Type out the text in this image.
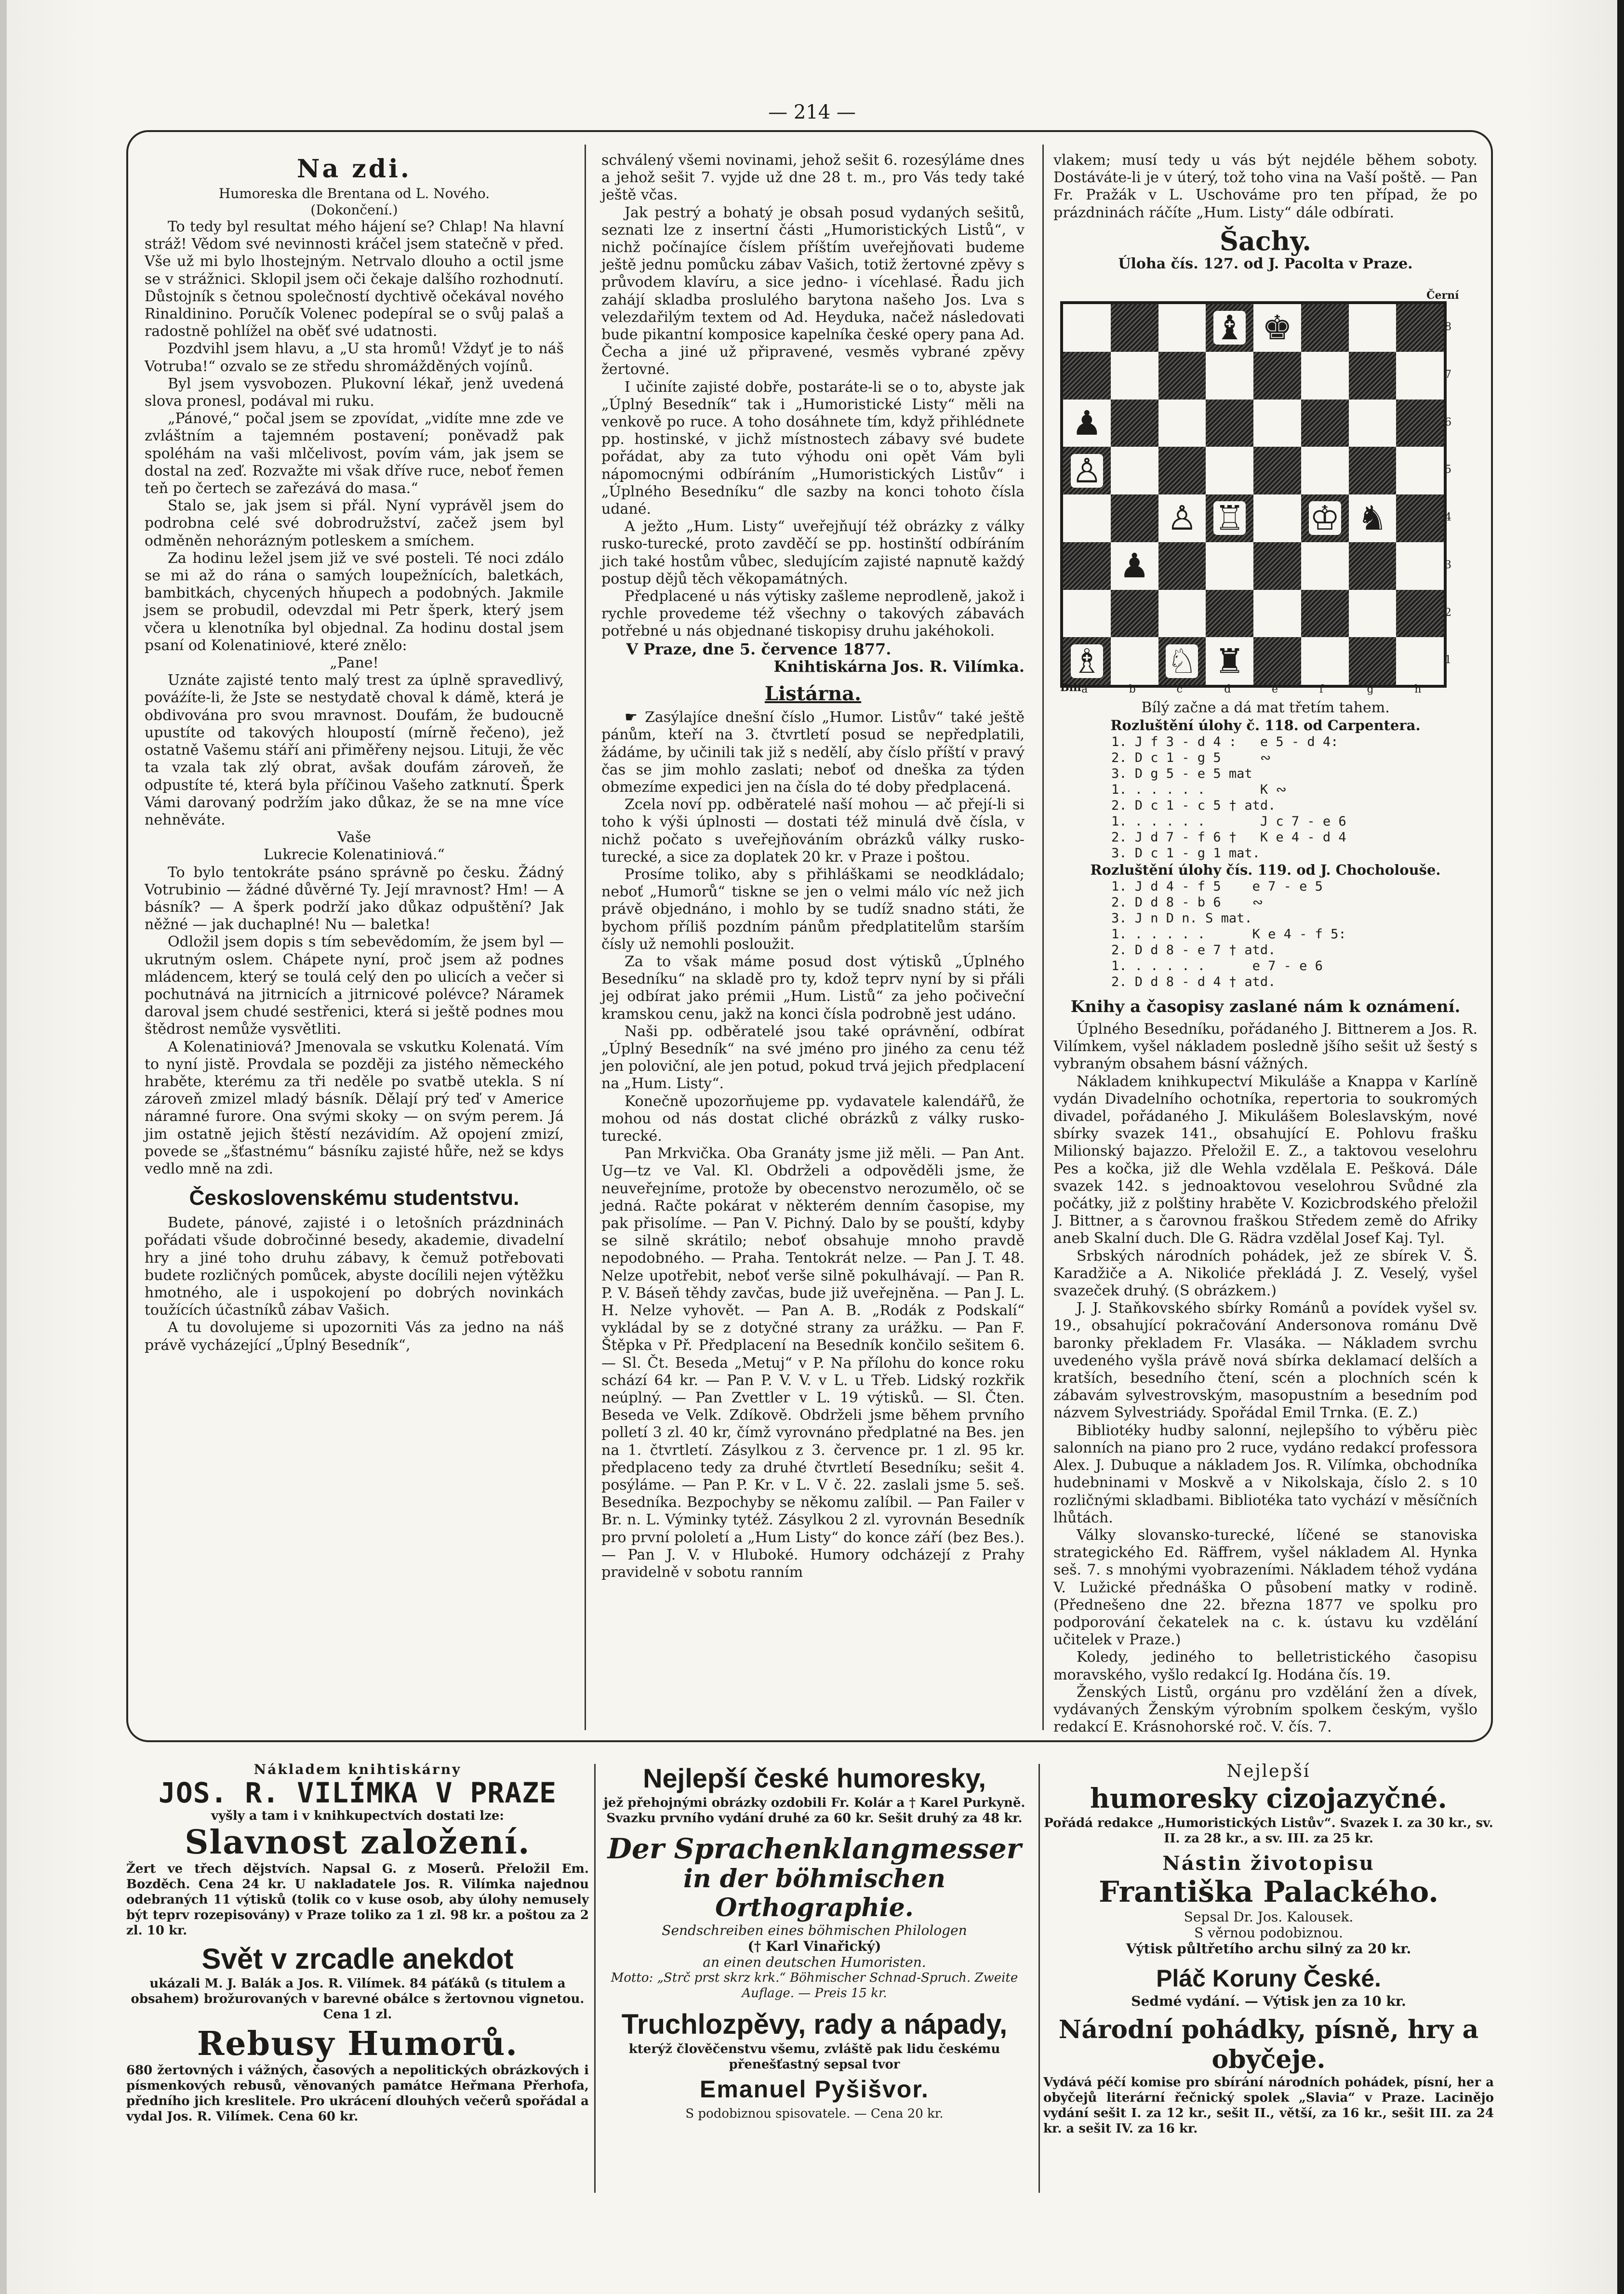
— 214 —
Na zdi.
Humoreska dle Brentana od L. Nového.
(Dokončení.)

To tedy byl resultat mého hájení se? Chlap! Na hlavní stráž! Vědom své nevinnosti kráčel jsem statečně v před. Vše už mi bylo lhostejným. Netrvalo dlouho a octil jsme se v strážnici. Sklopil jsem oči čekaje dalšího rozhodnutí. Důstojník s četnou společností dychtivě očekával nového Rinaldinino. Poručík Volenec podepíral se o svůj palaš a radostně pohlížel na oběť své udatnosti.

Pozdvihl jsem hlavu, a „U sta hromů! Vždyť je to náš Votruba!“ ozvalo se ze středu shromážděných vojínů.

Byl jsem vysvobozen. Plukovní lékař, jenž uvedená slova pronesl, podával mi ruku.

„Pánové,“ počal jsem se zpovídat, „vidíte mne zde ve zvláštním a tajemném postavení; poněvadž pak spoléhám na vaši mlčelivost, povím vám, jak jsem se dostal na zeď. Rozvažte mi však dříve ruce, neboť řemen teň po čertech se zařezává do masa.“

Stalo se, jak jsem si přál. Nyní vyprávěl jsem do podrobna celé své dobrodružství, začež jsem byl odměněn nehorázným potleskem a smíchem.

Za hodinu ležel jsem již ve své posteli. Té noci zdálo se mi až do rána o samých loupežnících, baletkách, bambitkách, chycených hňupech a podobných. Jakmile jsem se probudil, odevzdal mi Petr šperk, který jsem včera u klenotníka byl objednal. Za hodinu dostal jsem psaní od Kolenatiniové, které znělo:

„Pane!

Uznáte zajisté tento malý trest za úplně spravedlivý, pováźíte-li, že Jste se nestydatě choval k dámě, která je obdivována pro svou mravnost. Doufám, že budoucně upustíte od takových hloupostí (mírně řečeno), jež ostatně Vašemu stáří ani přiměřeny nejsou. Lituji, že věc ta vzala tak zlý obrat, avšak doufám zároveň, že odpustíte té, která byla příčinou Vašeho zatknutí. Šperk Vámi darovaný podržím jako důkaz, že se na mne více nehněváte.

Vaše

Lukrecie Kolenatiniová.“

To bylo tentokráte psáno správně po česku. Žádný Votrubinio — žádné důvěrné Ty. Její mravnost? Hm! — A básník? — A šperk podrží jako důkaz odpuštění? Jak něžné — jak duchaplné! Nu — baletka!

Odložil jsem dopis s tím sebevědomím, že jsem byl — ukrutným oslem. Chápete nyní, proč jsem až podnes mládencem, který se toulá celý den po ulicích a večer si pochutnává na jitrnicích a jitrnicové polévce? Náramek daroval jsem chudé sestřenici, která si ještě podnes mou štědrost nemůže vysvětliti.

A Kolenatiniová? Jmenovala se vskutku Kolenatá. Vím to nyní jistě. Provdala se později za jistého německého hraběte, kterému za tři neděle po svatbě utekla. S ní zároveň zmizel mladý básník. Dělají prý teď v Americe náramné furore. Ona svými skoky — on svým perem. Já jim ostatně jejich štěstí nezávidím. Až opojení zmizí, povede se „šťastnému“ básníku zajisté hůře, než se kdys vedlo mně na zdi.

Československému studentstvu.

Budete, pánové, zajisté i o letošních prázdninách pořádati všude dobročinné besedy, akademie, divadelní hry a jiné toho druhu zábavy, k čemuž potřebovati budete rozličných pomůcek, abyste docílili nejen výtěžku hmotného, ale i uspokojení po dobrých novinkách toužících účastníků zábav Vašich.

A tu dovolujeme si upozorniti Vás za jedno na náš právě vycházející „Úplný Besedník“,

schválený všemi novinami, jehož sešit 6. rozesýláme dnes a jehož sešit 7. vyjde už dne 28 t. m., pro Vás tedy také ještě včas.

Jak pestrý a bohatý je obsah posud vydaných sešitů, seznati lze z insertní části „Humoristických Listů“, v nichž počínajíce číslem příštím uveřejňovati budeme ještě jednu pomůcku zábav Vašich, totiž žertovné zpěvy s průvodem klavíru, a sice jedno- i vícehlasé. Řadu jich zahájí skladba proslulého barytona našeho Jos. Lva s velezdařilým textem od Ad. Heyduka, načež následovati bude pikantní komposice kapelníka české opery pana Ad. Čecha a jiné už připravené, vesměs vybrané zpěvy žertovné.

I učiníte zajisté dobře, postaráte-li se o to, abyste jak „Úplný Besedník“ tak i „Humoristické Listy“ měli na venkově po ruce. A toho dosáhnete tím, když přihlédnete pp. hostinské, v jichž místnostech zábavy své budete pořádat, aby za tuto výhodu oni opět Vám byli nápomocnými odbíráním „Humoristických Listův“ i „Úplného Besedníku“ dle sazby na konci tohoto čísla udané.

A ježto „Hum. Listy“ uveřejňují též obrázky z války rusko-turecké, proto zavděčí se pp. hostinští odbíráním jich také hostům vůbec, sledujícím zajisté napnutě každý postup dějů těch věkopamátných.

Předplacené u nás výtisky zašleme neprodleně, jakož i rychle provedeme též všechny o takových zábavách potřebné u nás objednané tiskopisy druhu jakéhokoli.

V Praze, dne 5. července 1877.

Knihtiskárna Jos. R. Vilímka.

Listárna.

☛ Zasýlajíce dnešní číslo „Humor. Listův“ také ještě pánům, kteří na 3. čtvrtletí posud se nepředplatili, žádáme, by učinili tak již s nedělí, aby číslo příští v pravý čas se jim mohlo zaslati; neboť od dneška za týden obmezíme expedici jen na čísla do té doby předplacená.

Zcela noví pp. odběratelé naší mohou — ač přejí-li si toho k výši úplnosti — dostati též minulá dvě čísla, v nichž počato s uveřejňováním obrázků války rusko-turecké, a sice za doplatek 20 kr. v Praze i poštou.

Prosíme toliko, aby s přihláškami se neodkládalo; neboť „Humorů“ tiskne se jen o velmi málo víc než jich právě objednáno, i mohlo by se tudíž snadno státi, že bychom příliš pozdním pánům předplatitelům starším čísly už nemohli posloužit.

Za to však máme posud dost výtisků „Úplného Besedníku“ na skladě pro ty, kdož teprv nyní by si přáli jej odbírat jako prémii „Hum. Listů“ za jeho počiveční kramskou cenu, jakž na konci čísla podrobně jest udáno.

Naši pp. odběratelé jsou také oprávnění, odbírat „Úplný Besedník“ na své jméno pro jiného za cenu též jen poloviční, ale jen potud, pokud trvá jejich předplacení na „Hum. Listy“.

Konečně upozorňujeme pp. vydavatele kalendářů, že mohou od nás dostat cliché obrázků z války rusko-turecké.

Pan Mrkvička. Oba Granáty jsme již měli. — Pan Ant. Ug—tz ve Val. Kl. Obdrželi a odpověděli jsme, že neuveřejníme, protože by obecenstvo nerozumělo, oč se jedná. Račte pokárat v některém denním časopise, my pak přisolíme. — Pan V. Pichný. Dalo by se pouští, kdyby se silně skrátilo; neboť obsahuje mnoho pravdě nepodobného. — Praha. Tentokrát nelze. — Pan J. T. 48. Nelze upotřebit, neboť verše silně pokulhávají. — Pan R. P. V. Báseň těhdy zavčas, bude již uveřejněna. — Pan J. L. H. Nelze vyhovět. — Pan A. B. „Rodák z Podskalí“ vykládal by se z dotyčné strany za urážku. — Pan F. Štěpka v Př. Předplacení na Besedník končilo sešitem 6. — Sl. Čt. Beseda „Metuj“ v P. Na přílohu do konce roku schází 64 kr. — Pan P. V. V. v L. u Třeb. Lidský rozkřik neúplný. — Pan Zvettler v L. 19 výtisků. — Sl. Čten. Beseda ve Velk. Zdíkově. Obdrželi jsme během prvního polletí 3 zl. 40 kr, čímž vyrovnáno předplatné na Bes. jen na 1. čtvrtletí. Zásylkou z 3. července pr. 1 zl. 95 kr. předplaceno tedy za druhé čtvrtletí Besedníku; sešit 4. posýláme. — Pan P. Kr. v L. V č. 22. zaslali jsme 5. seš. Besedníka. Bezpochyby se někomu zalíbil. — Pan Failer v Br. n. L. Výminky tytéž. Zásylkou 2 zl. vyrovnán Besedník pro první pololetí a „Hum Listy“ do konce září (bez Bes.). — Pan J. V. v Hluboké. Humory odcházejí z Prahy pravidelně v sobotu ranním

vlakem; musí tedy u vás být nejdéle během soboty. Dostáváte-li je v úterý, tož toho vina na Vaší poště. — Pan Fr. Pražák v L. Uschováme pro ten případ, že po prázdninách ráčíte „Hum. Listy“ dále odbírati.

Šachy.
Úloha čís. 127. od J. Pacolta v Praze.
Bílý začne a dá mat třetím tahem.
Rozluštění úlohy č. 118. od Carpentera.
1. J f 3 - d 4 :   e 5 - d 4:
2. D c 1 - g 5     ∾
3. D g 5 - e 5 mat
1. . . . . .       K ∾
2. D c 1 - c 5 † atd.
1. . . . . .       J c 7 - e 6
2. J d 7 - f 6 †   K e 4 - d 4
3. D c 1 - g 1 mat.
Rozluštění úlohy čís. 119. od J. Chocholouše.
1. J d 4 - f 5    e 7 - e 5
2. D d 8 - b 6    ∾
3. J n D n. S mat.
1. . . . . .      K e 4 - f 5:
2. D d 8 - e 7 † atd.
1. . . . . .      e 7 - e 6
2. D d 8 - d 4 † atd.
Knihy a časopisy zaslané nám k oznámení.

Úplného Besedníku, pořádaného J. Bittnerem a Jos. R. Vilímkem, vyšel nákladem posledně jšího sešit už šestý s vybraným obsahem básní vážných.

Nákladem knihkupectví Mikuláše a Knappa v Karlíně vydán Divadelního ochotníka, repertoria to soukromých divadel, pořádaného J. Mikulášem Boleslavským, nové sbírky svazek 141., obsahující E. Pohlovu frašku Milionský bajazzo. Přeložil E. Z., a taktovou veselohru Pes a kočka, již dle Wehla vzdělala E. Pešková. Dále svazek 142. s jednoaktovou veselohrou Svůdné zla počátky, již z polštiny hraběte V. Kozicbrodského přeložil J. Bittner, a s čarovnou fraškou Středem země do Afriky aneb Skalní duch. Dle G. Rädra vzdělal Josef Kaj. Tyl.

Srbských národních pohádek, jež ze sbírek V. Š. Karadžiče a A. Nikoliće překládá J. Z. Veselý, vyšel svazeček druhý. (S obrázkem.)

J. J. Staňkovského sbírky Románů a povídek vyšel sv. 19., obsahující pokračování Andersonova románu Dvě baronky překladem Fr. Vlasáka. — Nákladem svrchu uvedeného vyšla právě nová sbírka deklamací delších a kratších, besedního čtení, scén a plochních scén k zábavám sylvestrovským, masopustním a besedním pod názvem Sylvestriády. Spořádal Emil Trnka. (E. Z.)

Bibliotéky hudby salonní, nejlepšího to výběru pièc salonních na piano pro 2 ruce, vydáno redakcí professora Alex. J. Dubuque a nákladem Jos. R. Vilímka, obchodníka hudebninami v Moskvě a v Nikolskaja, číslo 2. s 10 rozličnými skladbami. Bibliotéka tato vychází v měsíčních lhůtách.

Války slovansko-turecké, líčené se stanoviska strategického Ed. Räffrem, vyšel nákladem Al. Hynka seš. 7. s mnohými vyobrazeními. Nákladem téhož vydána V. Lužické přednáška O působení matky v rodině. (Přednešeno dne 22. března 1877 ve spolku pro podporování čekatelek na c. k. ústavu ku vzdělání učitelek v Praze.)

Koledy, jediného to belletristického časopisu moravského, vyšlo redakcí Ig. Hodána čís. 19.

Ženských Listů, orgánu pro vzdělání žen a dívek, vydávaných Ženským výrobním spolkem českým, vyšlo redakcí E. Krásnohorské roč. V. čís. 7.

Černí
♝ ♚
♟
♙
♙ ♖ ♔ ♞
♟
♗ ♘ ♜
8
7
6
5
4
3
2
1
Bílí a	b	c	d	e	f	g	h
Nákladem knihtiskárny
JOS. R. VILÍMKA V PRAZE
vyšly a tam i v knihkupectvích dostati lze:
Slavnost založení.
Žert ve třech dějstvích. Napsal G. z Moserů. Přeložil Em. Bozděch. Cena 24 kr. U nakladatele Jos. R. Vilímka najednou odebraných 11 výtisků (tolik co v kuse osob, aby úlohy nemusely být teprv rozepisovány) v Praze toliko za 1 zl. 98 kr. a poštou za 2 zl. 10 kr.
Svět v zrcadle anekdot
ukázali M. J. Balák a Jos. R. Vilímek. 84 páťáků (s titulem a obsahem) brožurovaných v barevné obálce s žertovnou vignetou. Cena 1 zl.
Rebusy Humorů.
680 žertovných i vážných, časových a nepolitických obrázkových i písmenkových rebusů, věnovaných památce Heřmana Přerhofa, předního jich kreslitele. Pro ukrácení dlouhých večerů spořádal a vydal Jos. R. Vilímek. Cena 60 kr.
Nejlepší české humoresky,
jež přehojnými obrázky ozdobili Fr. Kolár a † Karel Purkyně. Svazku prvního vydání druhé za 60 kr. Sešit druhý za 48 kr.
Der Sprachenklangmesser
in der böhmischen Orthographie.
Sendschreiben eines böhmischen Philologen
(† Karl Vinařický)
an einen deutschen Humoristen.
Motto: „Strč prst skrz krk.“ Böhmischer Schnad-Spruch. Zweite Auflage. — Preis 15 kr.
Truchlozpěvy, rady a nápady,
kterýž člověčenstvu všemu, zvláště pak lidu českému přenešťastný sepsal tvor
Emanuel Pyšišvor.
S podobiznou spisovatele. — Cena 20 kr.
Nejlepší
humoresky cizojazyčné.
Pořádá redakce „Humoristických Listův“. Svazek I. za 30 kr., sv. II. za 28 kr., a sv. III. za 25 kr.
Nástin životopisu
Františka Palackého.
Sepsal Dr. Jos. Kalousek.
S věrnou podobiznou.
Výtisk půltřetího archu silný za 20 kr.
Pláč Koruny České.
Sedmé vydání. — Výtisk jen za 10 kr.
Národní pohádky, písně, hry a obyčeje.
Vydává péčí komise pro sbírání národních pohádek, písní, her a obyčejů literární řečnický spolek „Slavia“ v Praze. Lacinějo vydání sešit I. za 12 kr., sešit II., větší, za 16 kr., sešit III. za 24 kr. a sešit IV. za 16 kr.
